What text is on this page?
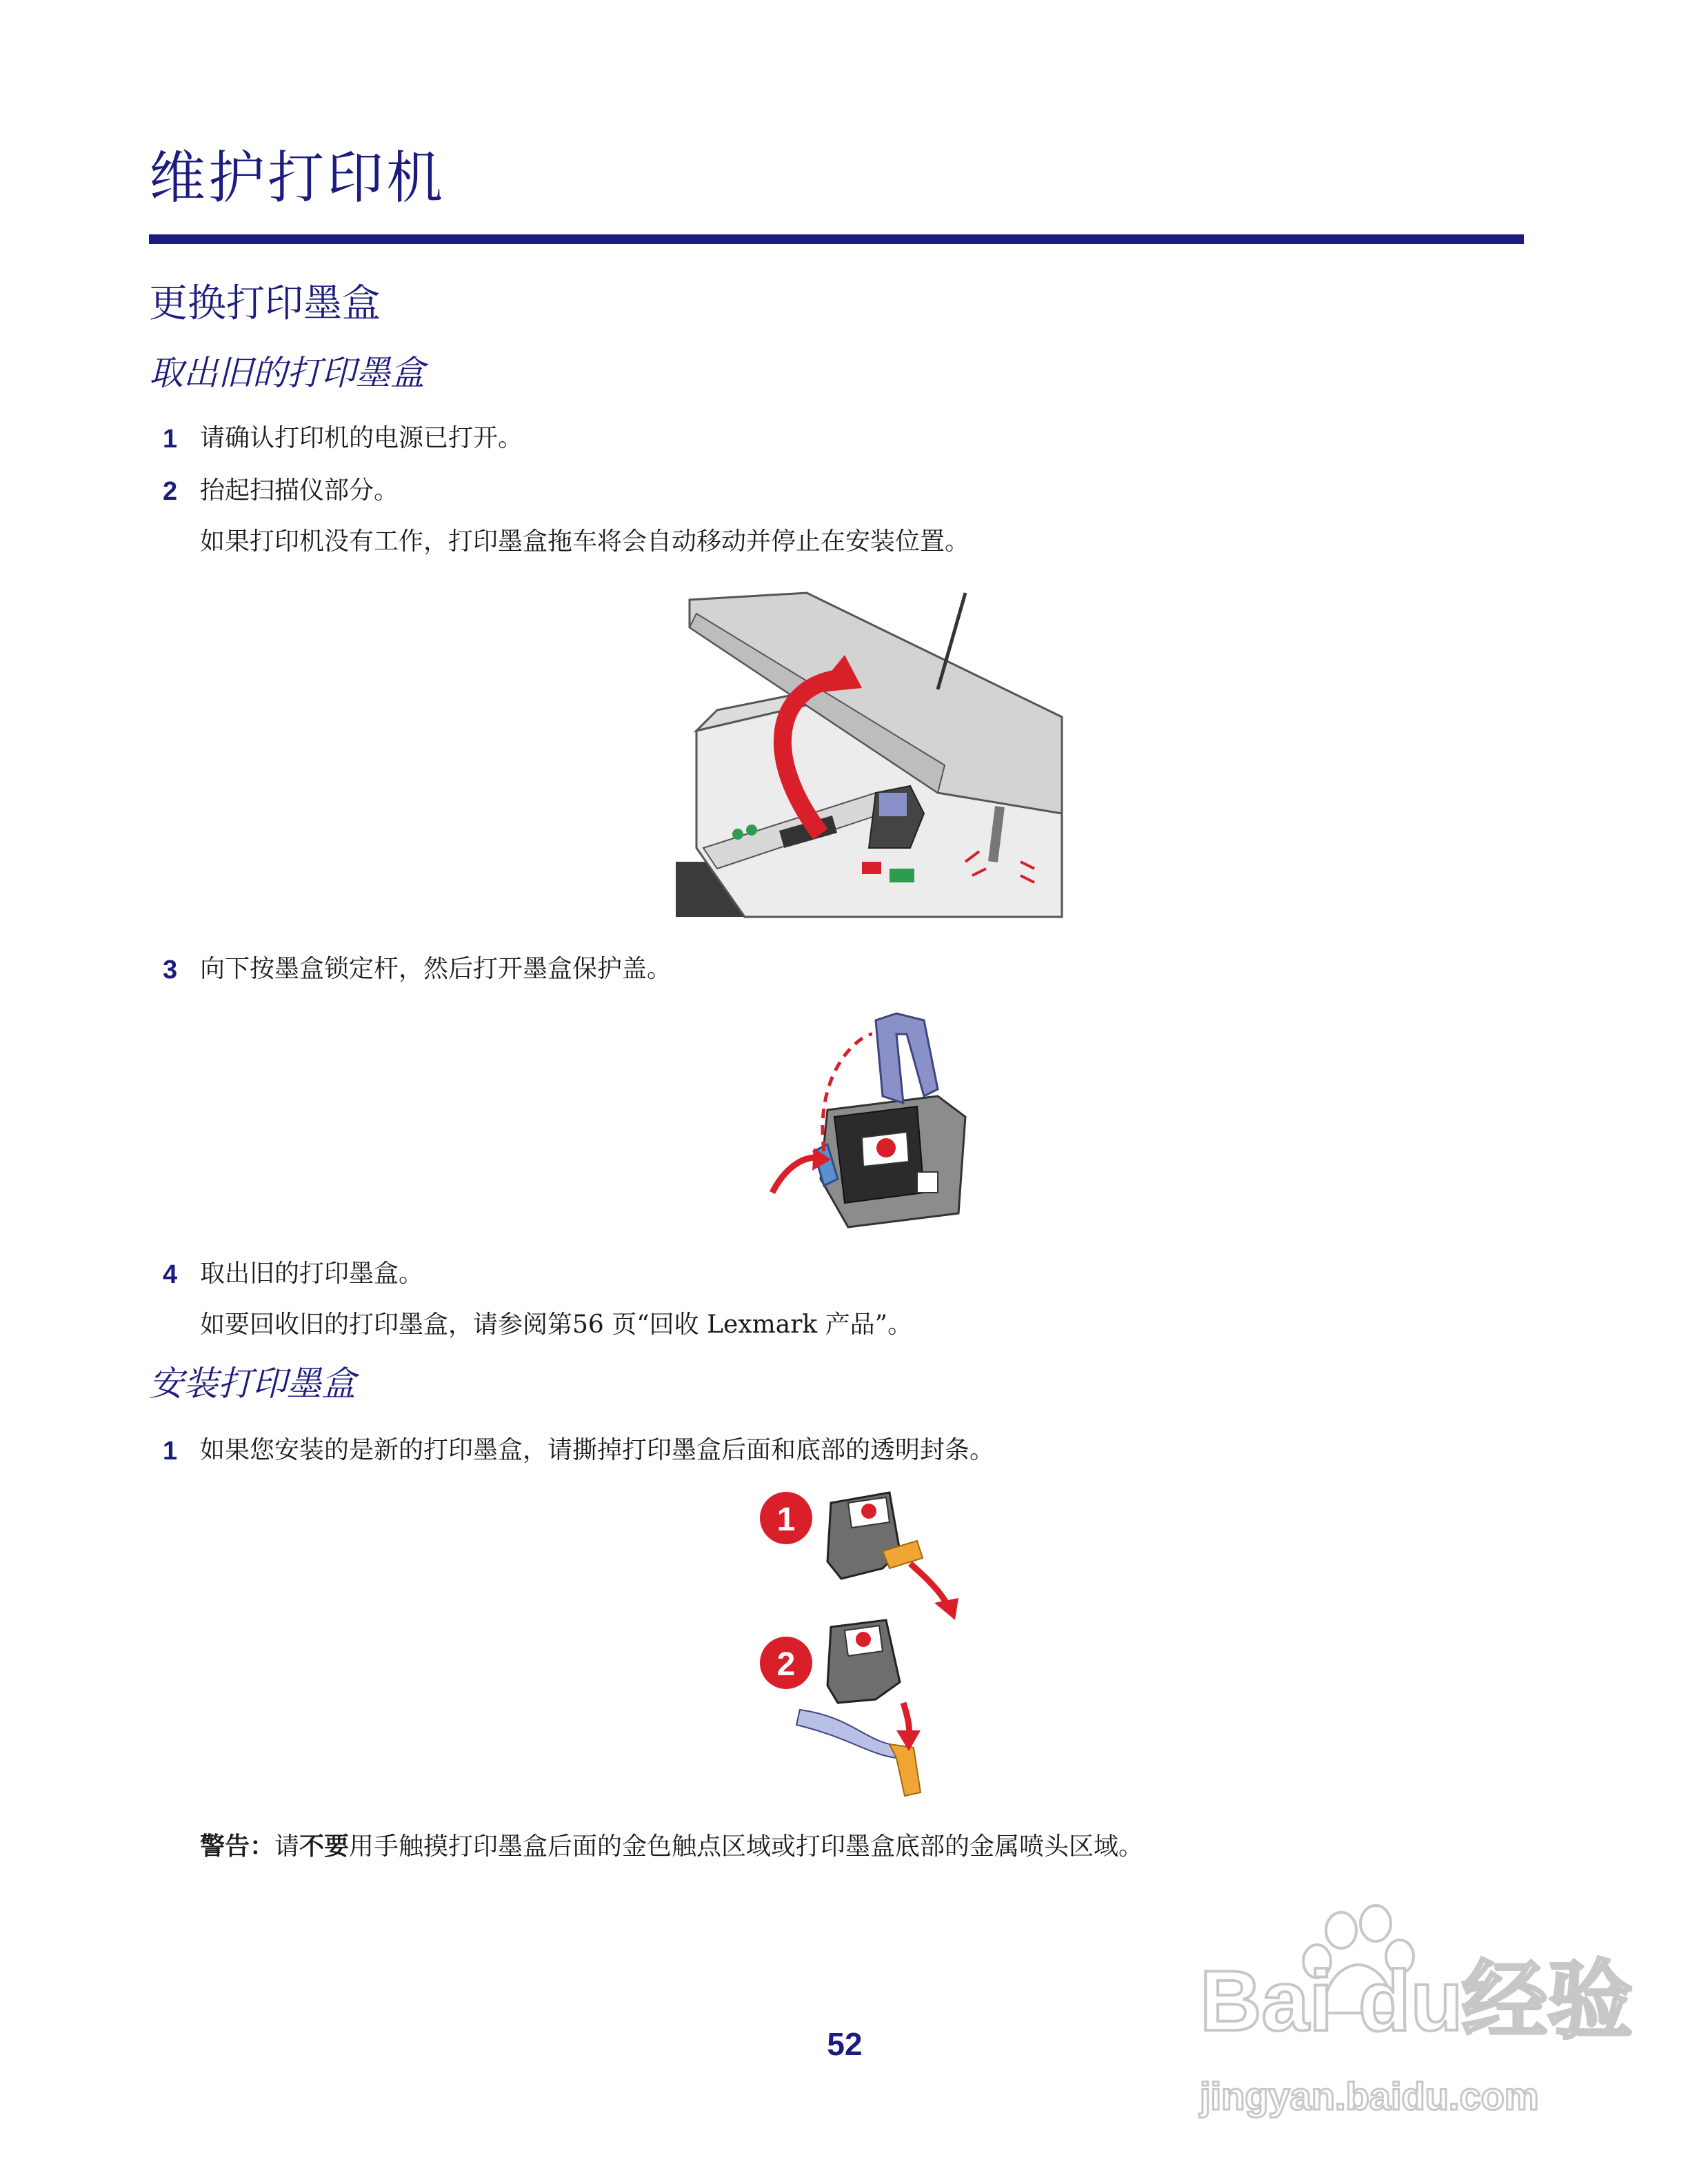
维护打印机
更换打印墨盒
取出旧的打印墨盒
1 请确认打印机的电源已打开。
2 抬起扫描仪部分。
如果打印机没有工作，打印墨盒拖车将会自动移动并停止在安装位置。
3 向下按墨盒锁定杆，然后打开墨盒保护盖。
4 取出旧的打印墨盒。
如要回收旧的打印墨盒，请参阅第56 页“回收 Lexmark 产品”。
安装打印墨盒
1 如果您安装的是新的打印墨盒，请撕掉打印墨盒后面和底部的透明封条。
1
2
警告：请不要用手触摸打印墨盒后面的金色触点区域或打印墨盒底部的金属喷头区域。
Bai du
经验
jingyan.baidu.com
52
